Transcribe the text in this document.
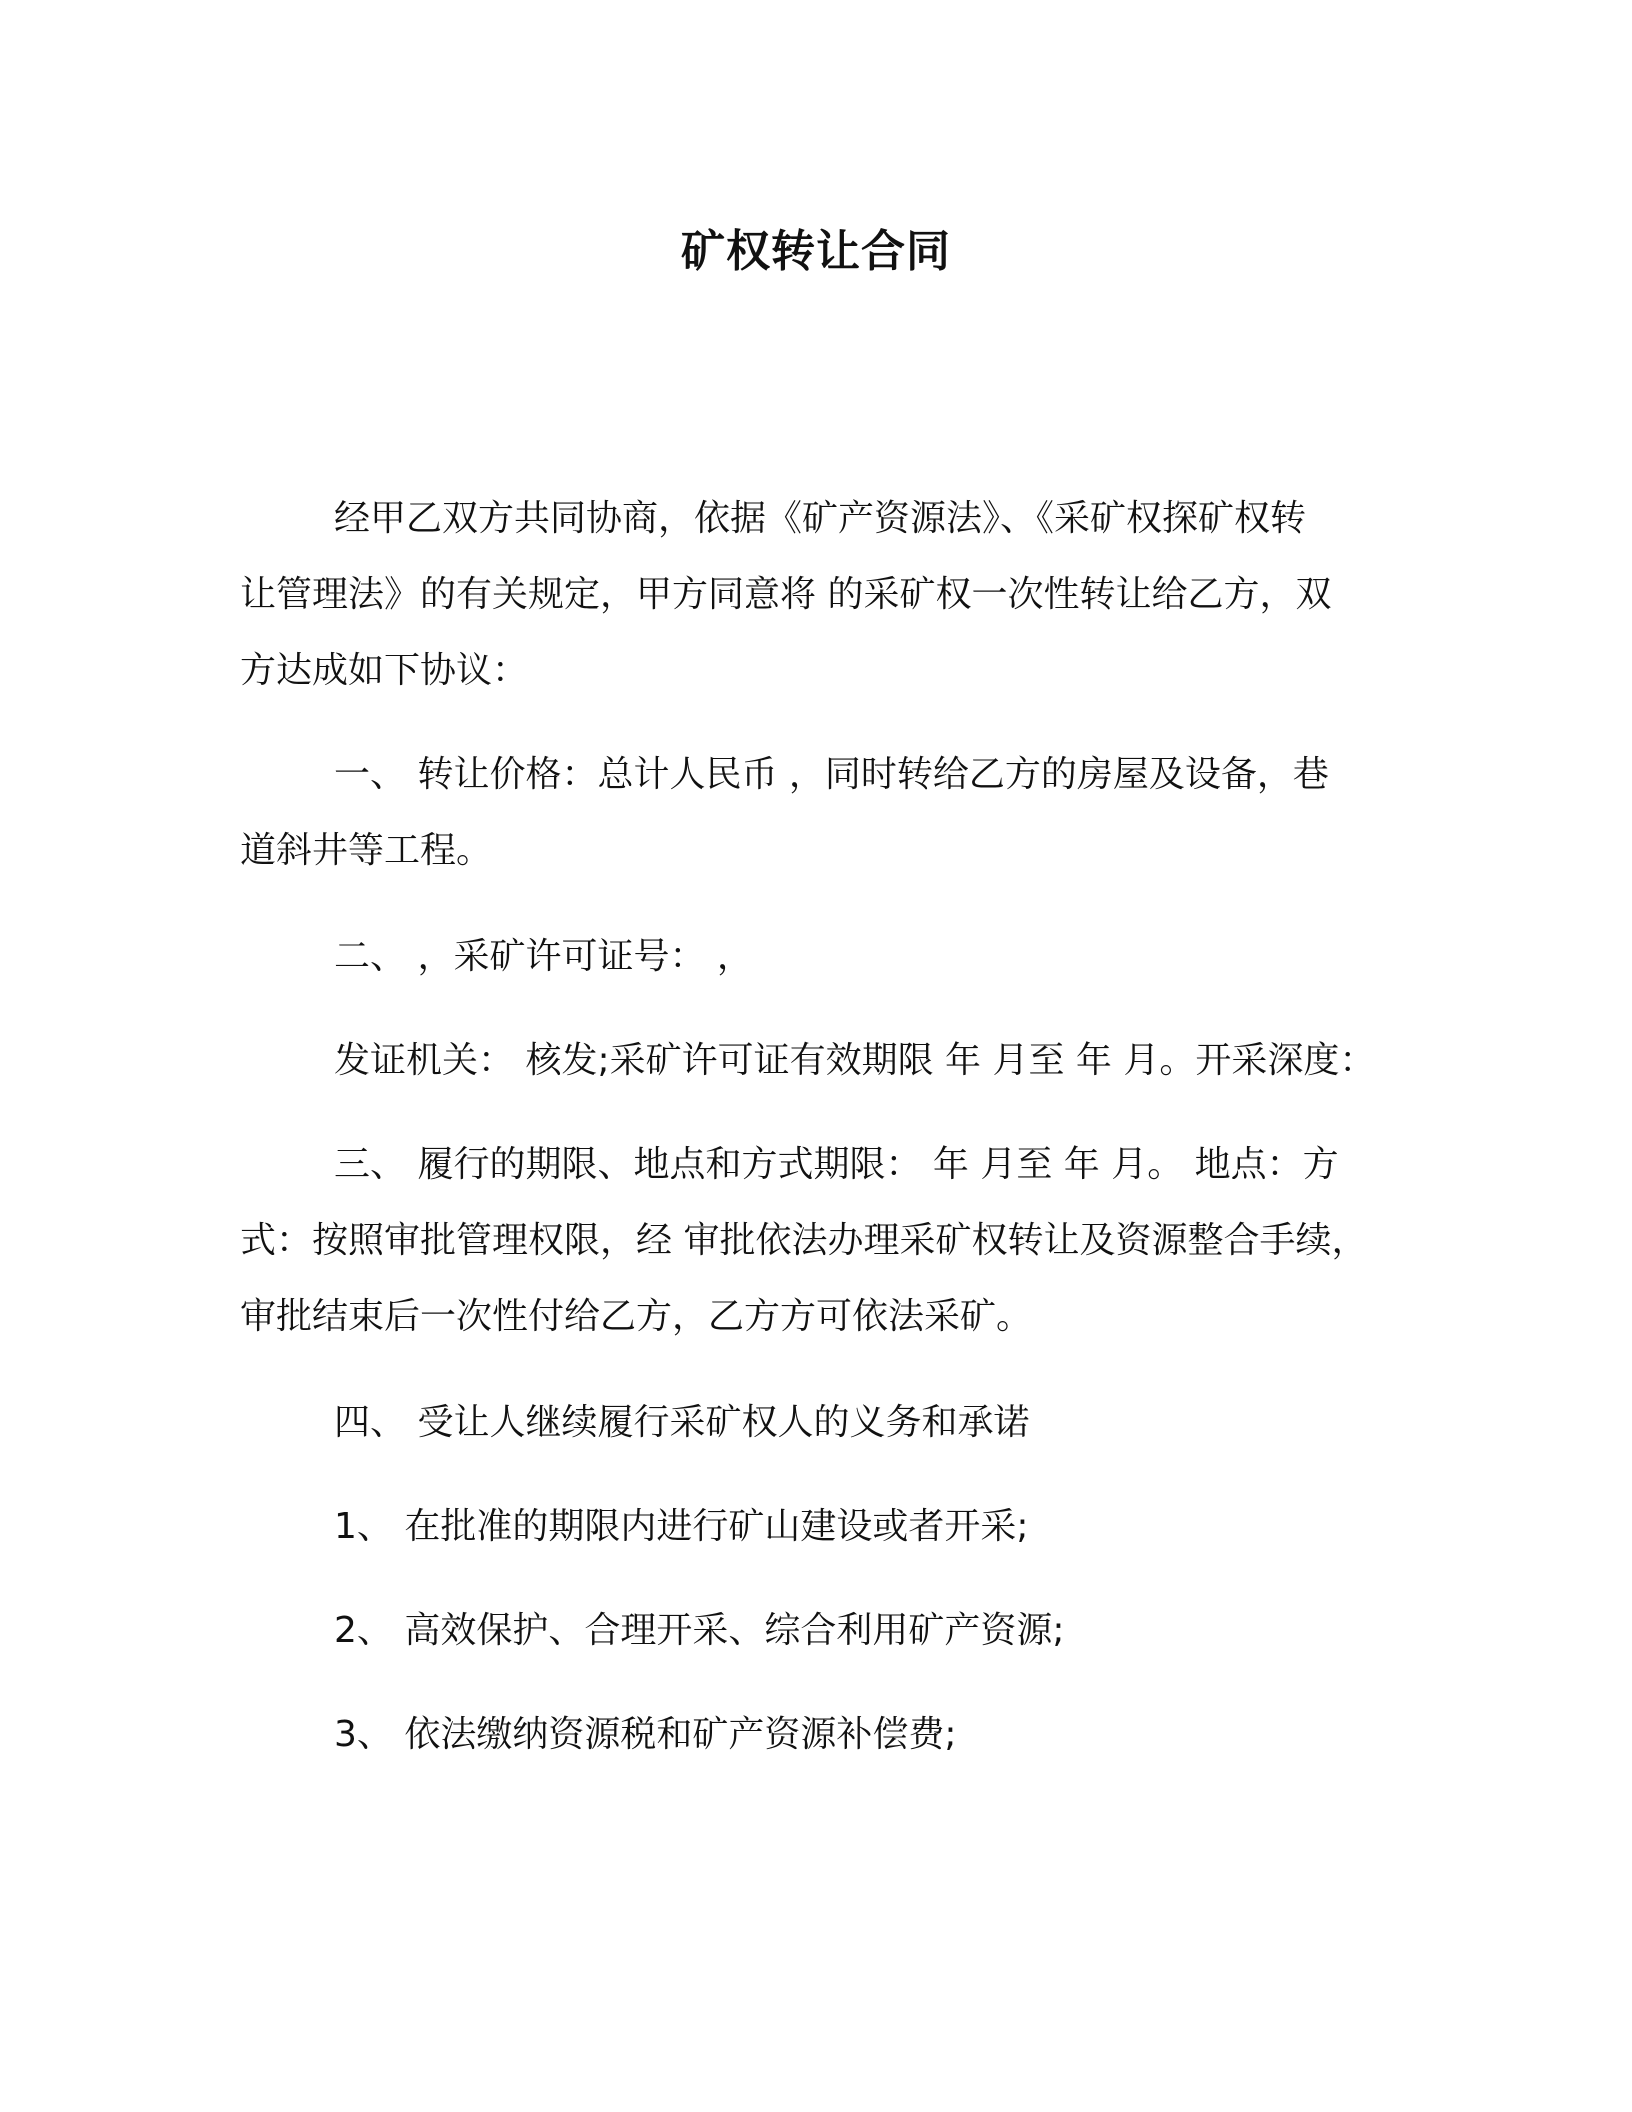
矿权转让合同
经甲乙双方共同协商，依据《矿产资源法》、《采矿权探矿权转
让管理法》的有关规定，甲方同意将 的采矿权一次性转让给乙方，双
方达成如下协议：
一、 转让价格：总计人民币 ，同时转给乙方的房屋及设备，巷
道斜井等工程。
二、 ，采矿许可证号： ，
发证机关： 核发;采矿许可证有效期限 年 月至 年 月。开采深度：
三、 履行的期限、地点和方式期限： 年 月至 年 月。 地点：方
式：按照审批管理权限，经 审批依法办理采矿权转让及资源整合手续，
审批结束后一次性付给乙方，乙方方可依法采矿。
四、 受让人继续履行采矿权人的义务和承诺
1、 在批准的期限内进行矿山建设或者开采;
2、 高效保护、合理开采、综合利用矿产资源;
3、 依法缴纳资源税和矿产资源补偿费;
